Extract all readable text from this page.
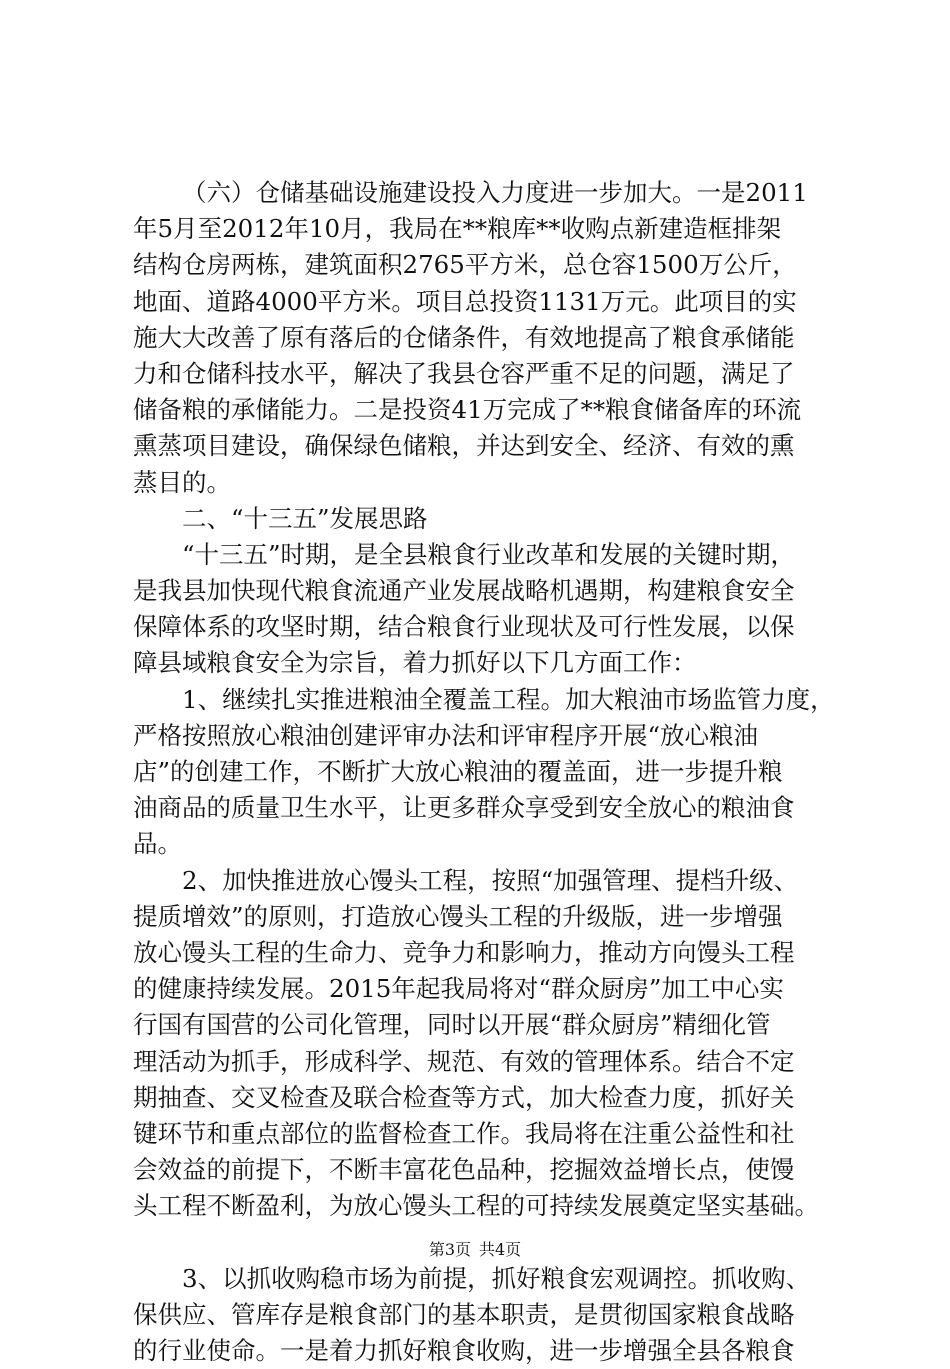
（六）仓储基础设施建设投入力度进一步加大。一是2011
年5月至2012年10月，我局在**粮库**收购点新建造框排架
结构仓房两栋，建筑面积2765平方米，总仓容1500万公斤，
地面、道路4000平方米。项目总投资1131万元。此项目的实
施大大改善了原有落后的仓储条件，有效地提高了粮食承储能
力和仓储科技水平，解决了我县仓容严重不足的问题，满足了
储备粮的承储能力。二是投资41万完成了**粮食储备库的环流
熏蒸项目建设，确保绿色储粮，并达到安全、经济、有效的熏
蒸目的。
二、“十三五”发展思路
“十三五”时期，是全县粮食行业改革和发展的关键时期，
是我县加快现代粮食流通产业发展战略机遇期，构建粮食安全
保障体系的攻坚时期，结合粮食行业现状及可行性发展，以保
障县域粮食安全为宗旨，着力抓好以下几方面工作：
1、继续扎实推进粮油全覆盖工程。加大粮油市场监管力度，
严格按照放心粮油创建评审办法和评审程序开展“放心粮油
店”的创建工作，不断扩大放心粮油的覆盖面，进一步提升粮
油商品的质量卫生水平，让更多群众享受到安全放心的粮油食
品。
2、加快推进放心馒头工程，按照“加强管理、提档升级、
提质增效”的原则，打造放心馒头工程的升级版，进一步增强
放心馒头工程的生命力、竞争力和影响力，推动方向馒头工程
的健康持续发展。2015年起我局将对“群众厨房”加工中心实
行国有国营的公司化管理，同时以开展“群众厨房”精细化管
理活动为抓手，形成科学、规范、有效的管理体系。结合不定
期抽查、交叉检查及联合检查等方式，加大检查力度，抓好关
键环节和重点部位的监督检查工作。我局将在注重公益性和社
会效益的前提下，不断丰富花色品种，挖掘效益增长点，使馒
头工程不断盈利，为放心馒头工程的可持续发展奠定坚实基础。
3、以抓收购稳市场为前提，抓好粮食宏观调控。抓收购、
保供应、管库存是粮食部门的基本职责，是贯彻国家粮食战略
的行业使命。一是着力抓好粮食收购，进一步增强全县各粮食
第3页 共4页
